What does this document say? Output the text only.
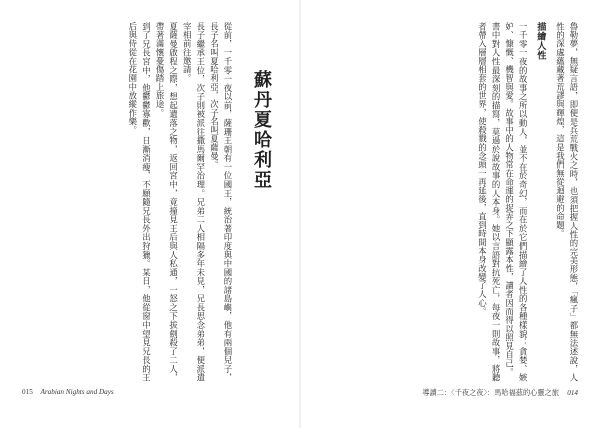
蘇丹夏哈利亞

從前，一千零一夜以前，薩珊王朝有一位國王，統治著印度與中國的諸島嶼，他有兩個兒子，長子名叫夏哈利亞，次子名叫夏薩曼。

長子繼承王位，次子則被派往撒馬爾罕治理。兄弟二人相隔多年未見，兄長思念弟弟，便派遣宰相前往邀請。

夏薩曼啟程之際，想起遺落之物，返回宮中，竟撞見王后與人私通，一怒之下拔劍殺了二人，帶著滿懷憂傷踏上旅途。

到了兄長宮中，他鬱鬱寡歡，日漸消瘦，不願隨兄長外出狩獵。某日，他從窗中望見兄長的王后與侍從在花園中放縱作樂。	魯勒夢，無疑言語，即便是兵荒戰火之時，也須把握人性的完美形態，「瘋子」都無法述說，人性的深處蘊藏著荒謬與輝煌，這是我們無從迴避的命題。

描繪人性

一千零一夜的故事之所以動人，並不在於奇幻，而在於它們描繪了人性的各種樣貌：貪婪、嫉妒、慷慨、機智與愛。故事中的人物常在命運的捉弄之下顯露本性，讀者因而得以照見自己。

書中對人性最深刻的描寫，莫過於說故事的人本身。她以言語對抗死亡，每夜一則故事，將聽者帶入層層相套的世界，使殺戮的念頭一再延後，直到時間本身改變了人心。

015 Arabian Nights and Days	導讀二：〈千夜之夜〉：馬哈福茲的心靈之旅 014
